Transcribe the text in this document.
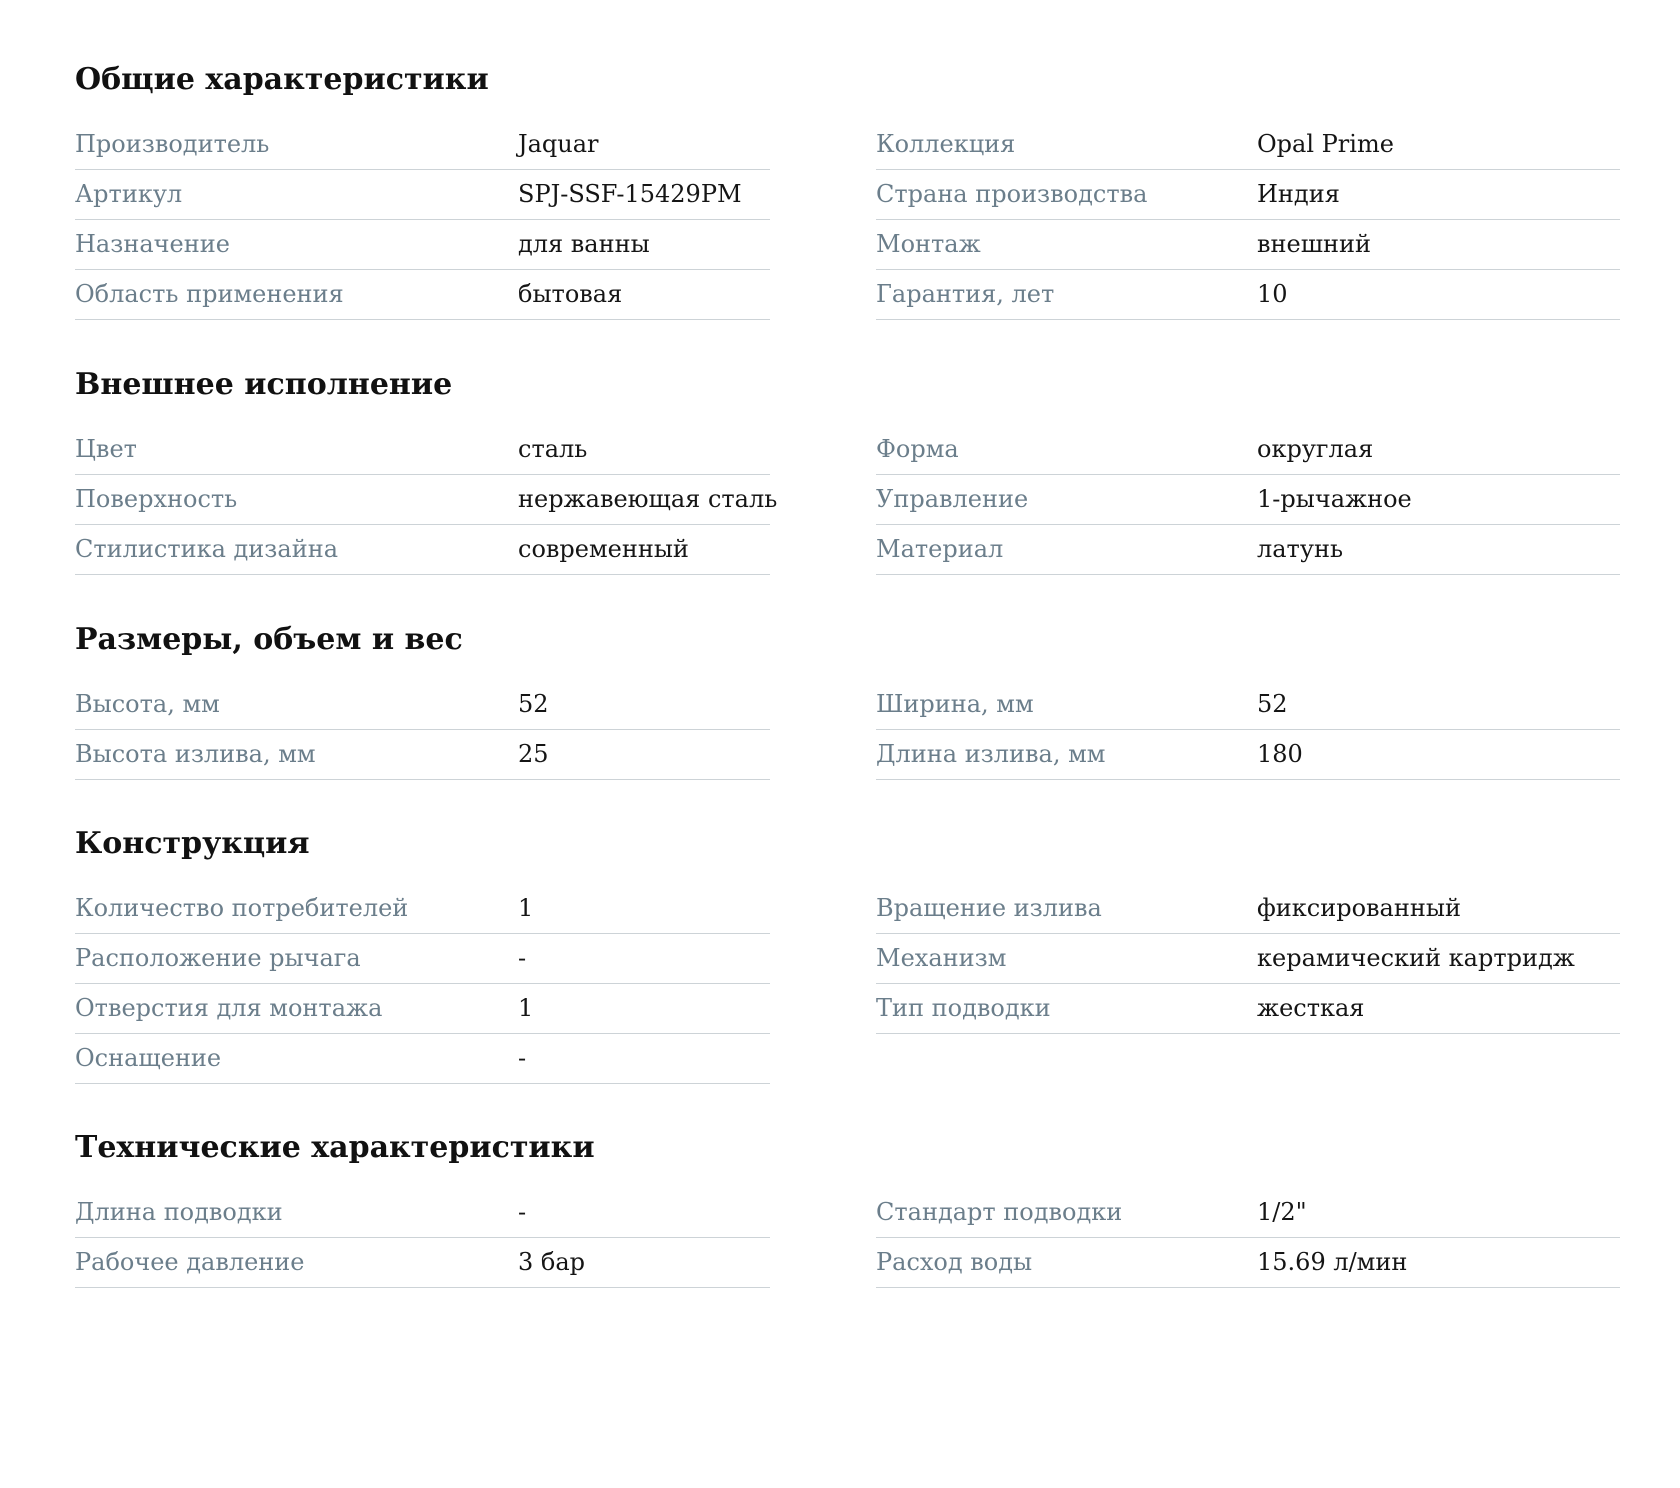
Общие характеристики
Производитель	Jaquar
Артикул	SPJ-SSF-15429PM
Назначение	для ванны
Область применения	бытовая
Коллекция	Opal Prime
Страна производства	Индия
Монтаж	внешний
Гарантия, лет	10
Внешнее исполнение
Цвет	сталь
Поверхность	нержавеющая сталь
Стилистика дизайна	современный
Форма	округлая
Управление	1-рычажное
Материал	латунь
Размеры, объем и вес
Высота, мм	52
Высота излива, мм	25
Ширина, мм	52
Длина излива, мм	180
Конструкция
Количество потребителей	1
Расположение рычага	-
Отверстия для монтажа	1
Оснащение	-
Вращение излива	фиксированный
Механизм	керамический картридж
Тип подводки	жесткая
Технические характеристики
Длина подводки	-
Рабочее давление	3 бар
Стандарт подводки	1/2"
Расход воды	15.69 л/мин
